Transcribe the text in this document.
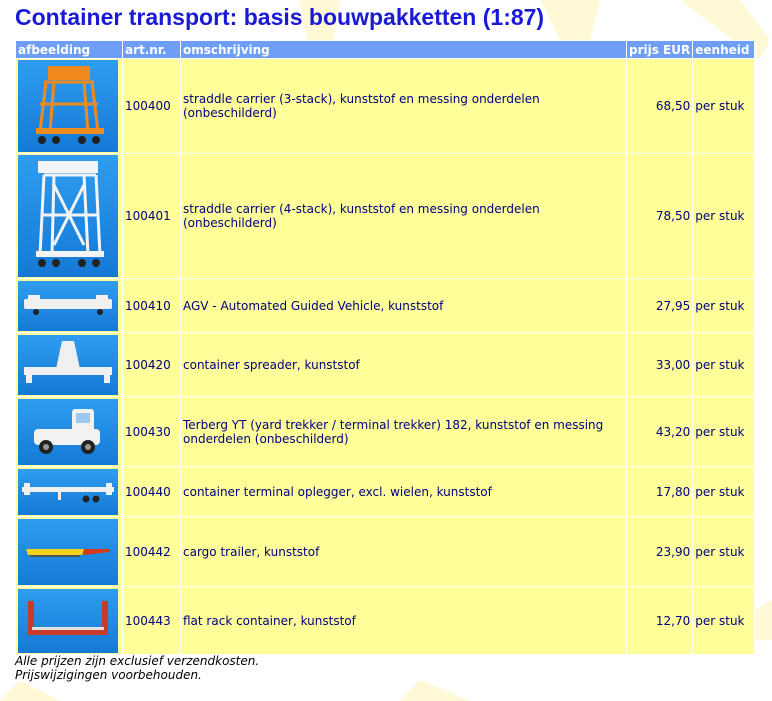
Container transport: basis bouwpakketten (1:87)
afbeelding	art.nr.	omschrijving	prijs EUR	eenheid

	100400	straddle carrier (3-stack), kunststof en messing onderdelen (onbeschilderd)	68,50	per stuk

	100401	straddle carrier (4-stack), kunststof en messing onderdelen (onbeschilderd)	78,50	per stuk

	100410	AGV - Automated Guided Vehicle, kunststof	27,95	per stuk

	100420	container spreader, kunststof	33,00	per stuk

	100430	Terberg YT (yard trekker / terminal trekker) 182, kunststof en messing onderdelen (onbeschilderd)	43,20	per stuk

	100440	container terminal oplegger, excl. wielen, kunststof	17,80	per stuk

	100442	cargo trailer, kunststof	23,90	per stuk

	100443	flat rack container, kunststof	12,70	per stuk
Alle prijzen zijn exclusief verzendkosten.
Prijswijzigingen voorbehouden.
